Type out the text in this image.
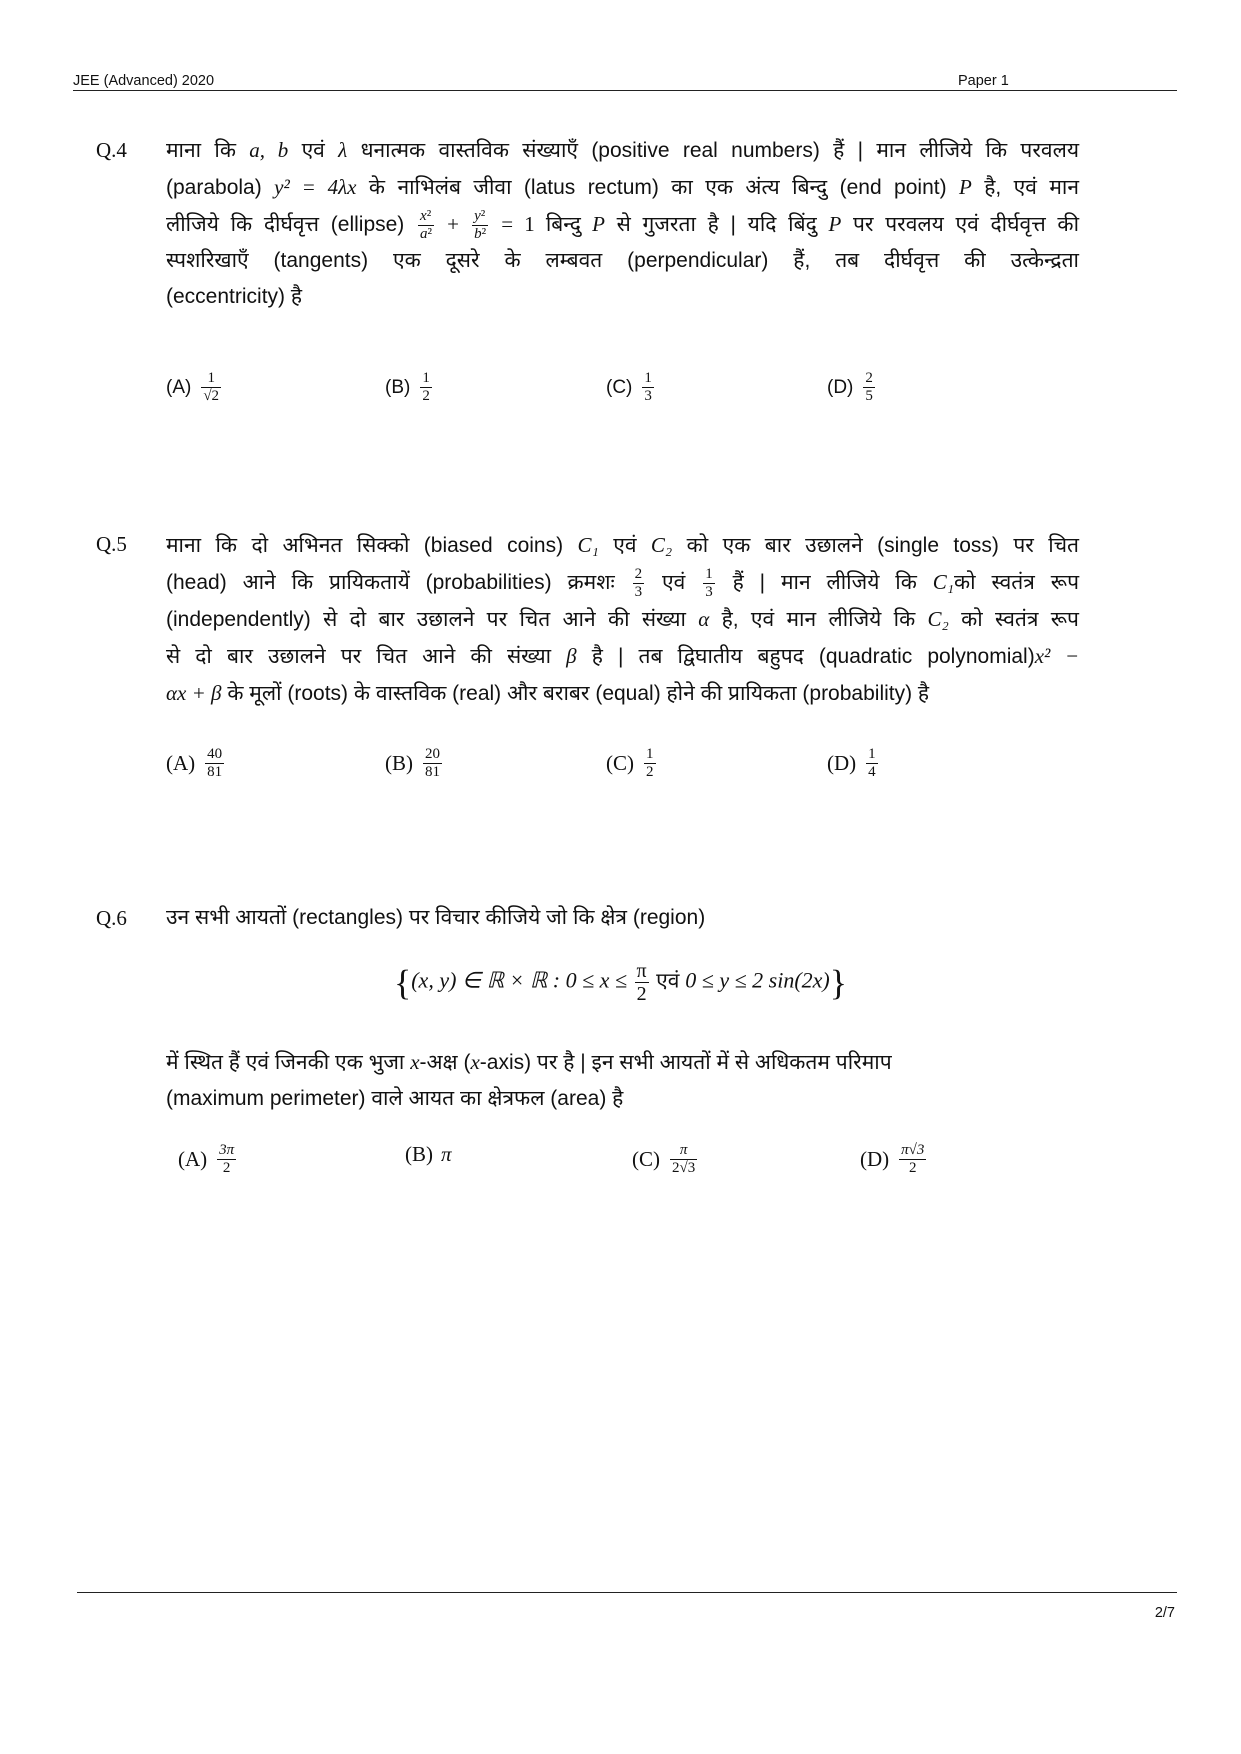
JEE (Advanced) 2020	Paper 1
Q.4 माना कि a, b एवं λ धनात्मक वास्तविक संख्याएँ (positive real numbers) हैं | मान लीजिये कि परवलय

(parabola) y² = 4λx के नाभिलंब जीवा (latus rectum) का एक अंत्य बिन्दु (end point) P है, एवं मान

लीजिये कि दीर्घवृत्त (ellipse) $\frac{\text{x²}}{\text{a²}} + \frac{\text{y²}}{\text{b²}} = 1$ बिन्दु P से गुजरता है | यदि बिंदु P पर परवलय एवं दीर्घवृत्त की

स्पशरिखाएँ (tangents) एक दूसरे के लम्बवत (perpendicular) हैं, तब दीर्घवृत्त की उत्केन्द्रता

(eccentricity) है

$(A) \frac{1}{√2}$	$(B) \frac{1}{2}$	$(C) \frac{1}{3}$	$(D) \frac{2}{5}$
Q.5 माना कि दो अभिनत सिक्को (biased coins) C₁ एवं C₂ को एक बार उछालने (single toss) पर चित

(head) आने कि प्रायिकतायें (probabilities) क्रमशः $\frac{2}{3}$ एवं $\frac{1}{3}$ हैं | मान लीजिये कि C₁को स्वतंत्र रूप

(independently) से दो बार उछालने पर चित आने की संख्या α है, एवं मान लीजिये कि C₂ को स्वतंत्र रूप

से दो बार उछालने पर चित आने की संख्या β है | तब द्विघातीय बहुपद (quadratic polynomial)x² −

αx + β के मूलों (roots) के वास्तविक (real) और बराबर (equal) होने की प्रायिकता (probability) है

$(A) \frac{40}{81}$	$(B) \frac{20}{81}$	$(C) \frac{1}{2}$	$(D) \frac{1}{4}$
Q.6 उन सभी आयतों (rectangles) पर विचार कीजिये जो कि क्षेत्र (region)

{(x, y) ∈ ℝ × ℝ : $0 \le x \le \frac{\pi}{2}$ एवं 0 ≤ y ≤ 2 sin(2x)}

में स्थित हैं एवं जिनकी एक भुजा x-अक्ष (x-axis) पर है | इन सभी आयतों में से अधिकतम परिमाप

(maximum perimeter) वाले आयत का क्षेत्रफल (area) है

$(A) \frac{3\pi}{2}$	(B) π	$(C) \frac{\pi}{2√3}$	$(D) \frac{\pi√3}{2}$
2/7
